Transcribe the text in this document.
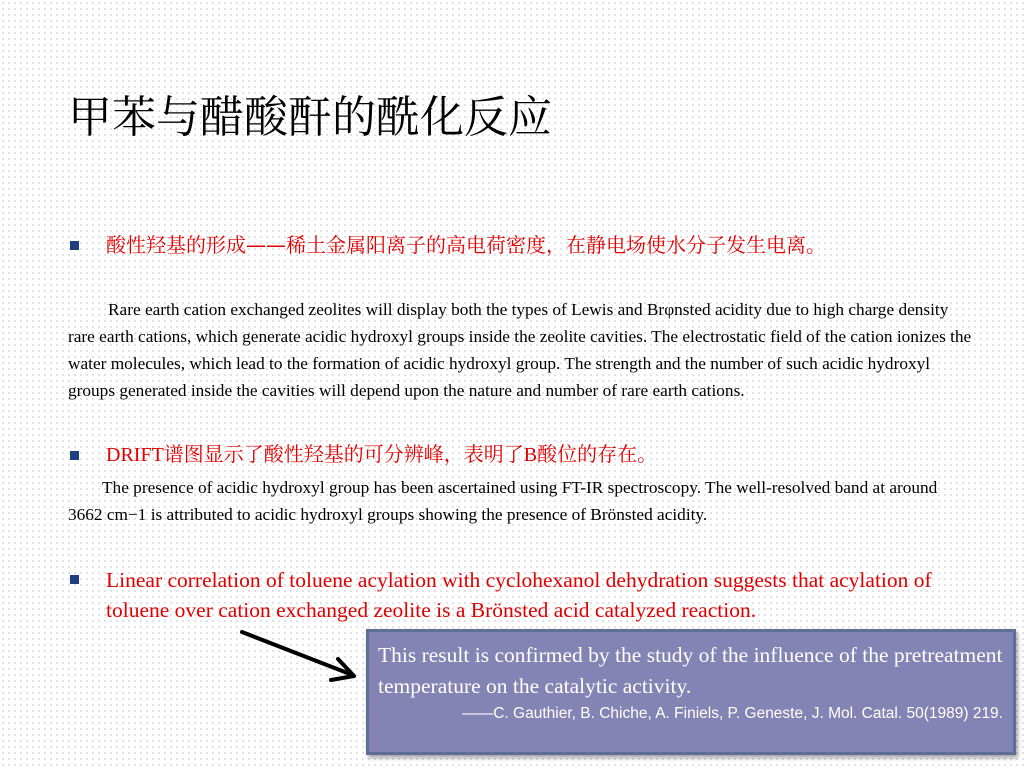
甲苯与醋酸酐的酰化反应
酸性羟基的形成——稀土金属阳离子的高电荷密度，在静电场使水分子发生电离。

Rare earth cation exchanged zeolites will display both the types of Lewis and Brφnsted acidity due to high charge density rare earth cations, which generate acidic hydroxyl groups inside the zeolite cavities. The electrostatic field of the cation ionizes the water molecules, which lead to the formation of acidic hydroxyl group. The strength and the number of such acidic hydroxyl groups generated inside the cavities will depend upon the nature and number of rare earth cations.

DRIFT谱图显示了酸性羟基的可分辨峰，表明了B酸位的存在。

The presence of acidic hydroxyl group has been ascertained using FT-IR spectroscopy. The well-resolved band at around 3662 cm−1 is attributed to acidic hydroxyl groups showing the presence of Brönsted acidity.

Linear correlation of toluene acylation with cyclohexanol dehydration suggests that acylation of toluene over cation exchanged zeolite is a Brönsted acid catalyzed reaction.

This result is confirmed by the study of the influence of the pretreatment temperature on the catalytic activity.

——C. Gauthier, B. Chiche, A. Finiels, P. Geneste, J. Mol. Catal. 50(1989) 219.
